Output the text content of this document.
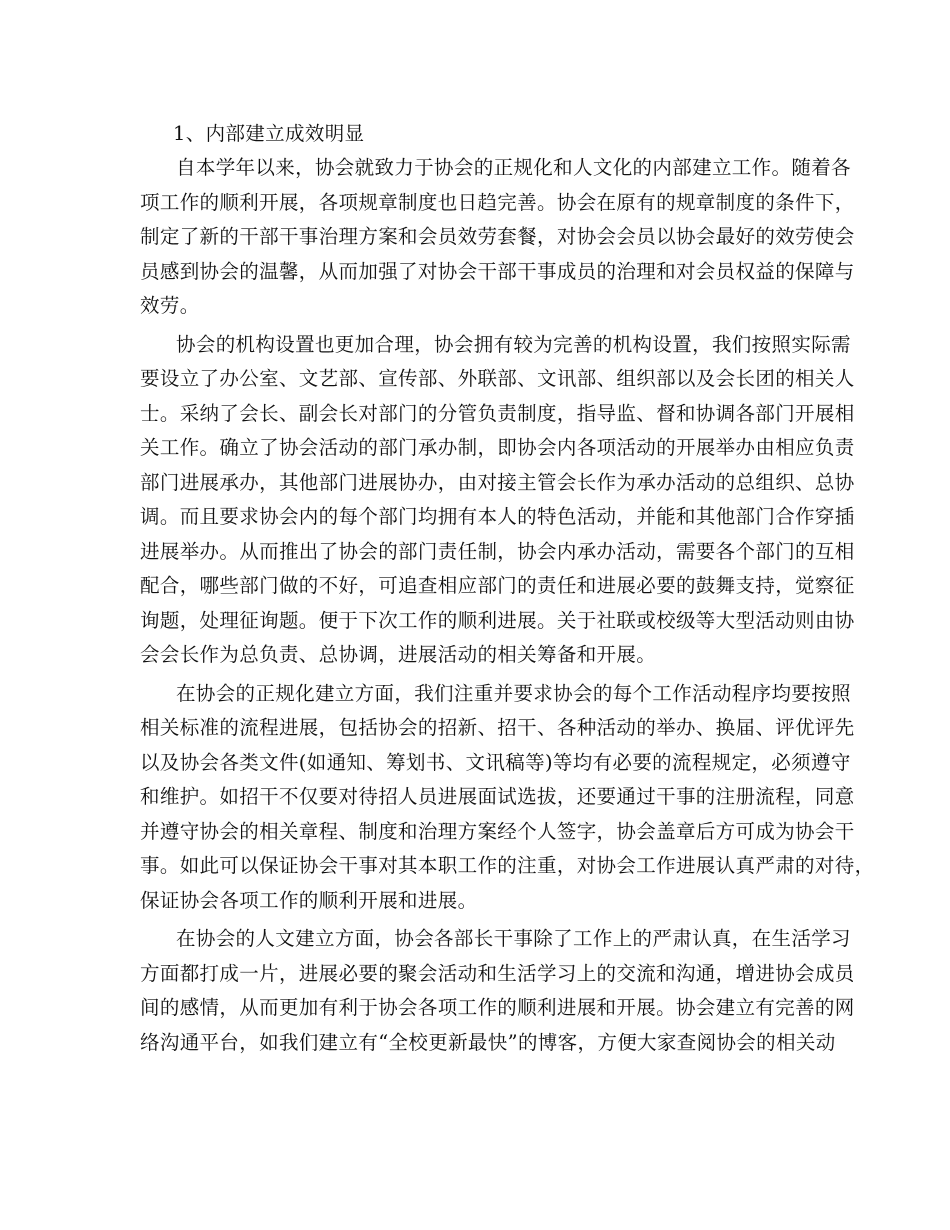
1、内部建立成效明显

自本学年以来，协会就致力于协会的正规化和人文化的内部建立工作。随着各
项工作的顺利开展，各项规章制度也日趋完善。协会在原有的规章制度的条件下，
制定了新的干部干事治理方案和会员效劳套餐，对协会会员以协会最好的效劳使会
员感到协会的温馨，从而加强了对协会干部干事成员的治理和对会员权益的保障与
效劳。
协会的机构设置也更加合理，协会拥有较为完善的机构设置，我们按照实际需
要设立了办公室、文艺部、宣传部、外联部、文讯部、组织部以及会长团的相关人
士。采纳了会长、副会长对部门的分管负责制度，指导监、督和协调各部门开展相
关工作。确立了协会活动的部门承办制，即协会内各项活动的开展举办由相应负责
部门进展承办，其他部门进展协办，由对接主管会长作为承办活动的总组织、总协
调。而且要求协会内的每个部门均拥有本人的特色活动，并能和其他部门合作穿插
进展举办。从而推出了协会的部门责任制，协会内承办活动，需要各个部门的互相
配合，哪些部门做的不好，可追查相应部门的责任和进展必要的鼓舞支持，觉察征
询题，处理征询题。便于下次工作的顺利进展。关于社联或校级等大型活动则由协
会会长作为总负责、总协调，进展活动的相关筹备和开展。
在协会的正规化建立方面，我们注重并要求协会的每个工作活动程序均要按照
相关标准的流程进展，包括协会的招新、招干、各种活动的举办、换届、评优评先
以及协会各类文件(如通知、筹划书、文讯稿等)等均有必要的流程规定，必须遵守
和维护。如招干不仅要对待招人员进展面试选拔，还要通过干事的注册流程，同意
并遵守协会的相关章程、制度和治理方案经个人签字，协会盖章后方可成为协会干
事。如此可以保证协会干事对其本职工作的注重，对协会工作进展认真严肃的对待，
保证协会各项工作的顺利开展和进展。
在协会的人文建立方面，协会各部长干事除了工作上的严肃认真，在生活学习
方面都打成一片，进展必要的聚会活动和生活学习上的交流和沟通，增进协会成员
间的感情，从而更加有利于协会各项工作的顺利进展和开展。协会建立有完善的网
络沟通平台，如我们建立有“全校更新最快”的博客，方便大家查阅协会的相关动
